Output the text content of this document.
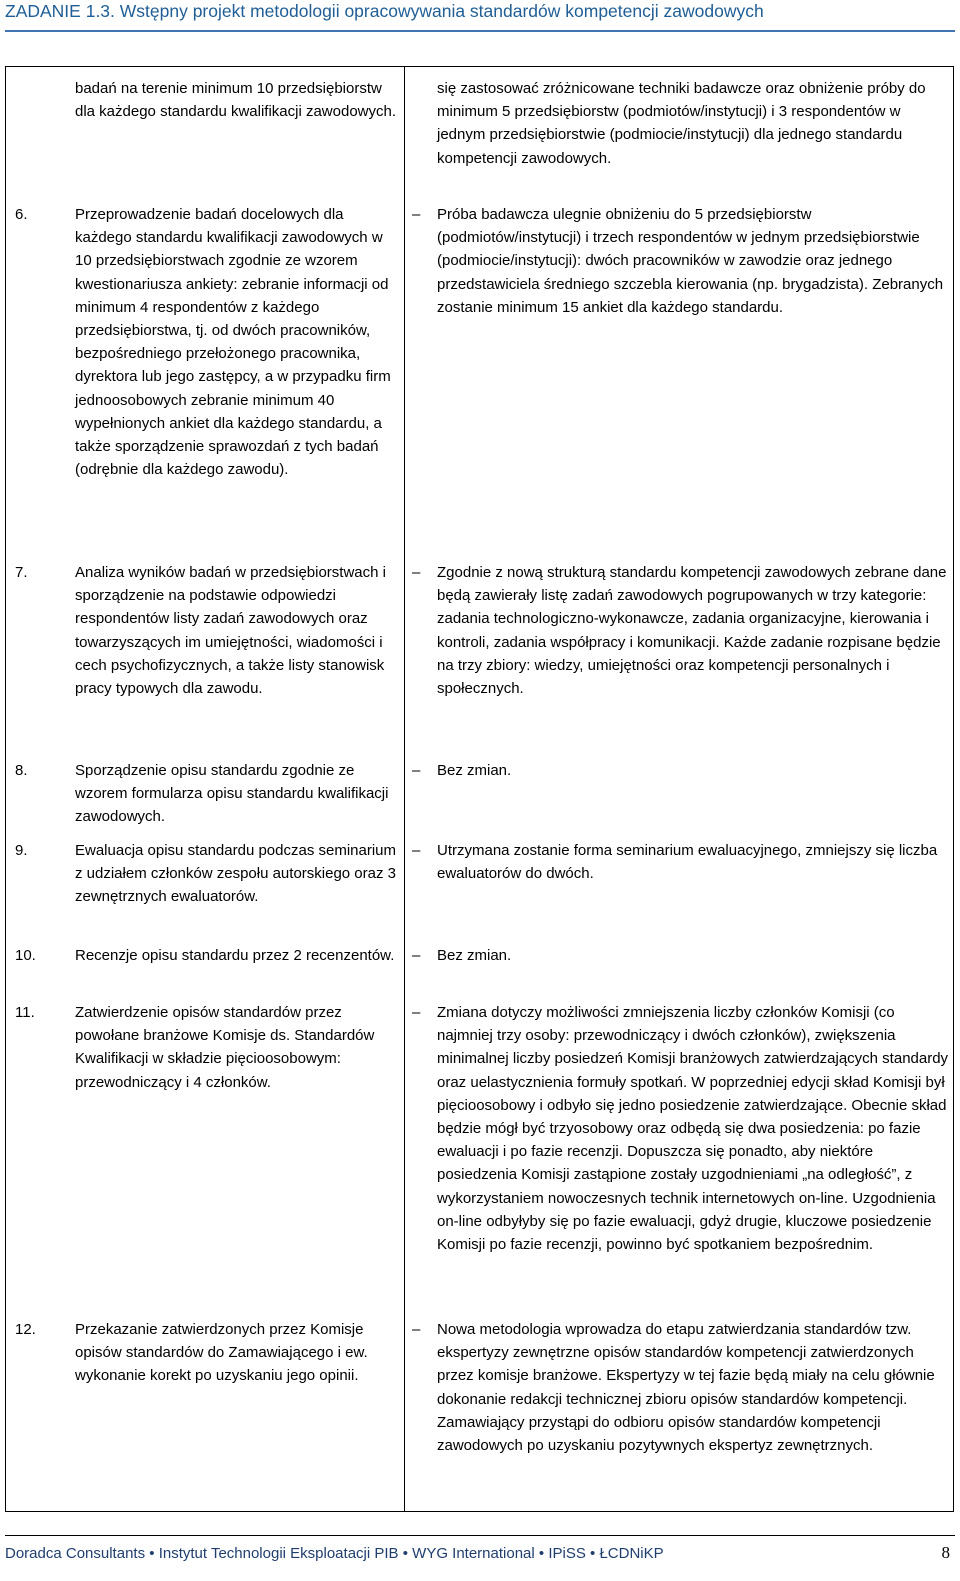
ZADANIE 1.3. Wstępny projekt metodologii opracowywania standardów kompetencji zawodowych
badań na terenie minimum 10 przedsiębiorstw dla każdego standardu kwalifikacji zawodowych.
się zastosować zróżnicowane techniki badawcze oraz obniżenie próby do minimum 5 przedsiębiorstw (podmiotów/instytucji) i 3 respondentów w jednym przedsiębiorstwie (podmiocie/instytucji) dla jednego standardu kompetencji zawodowych.
6.	Przeprowadzenie badań docelowych dla każdego standardu kwalifikacji zawodowych w 10 przedsiębiorstwach zgodnie ze wzorem kwestionariusza ankiety: zebranie informacji od minimum 4 respondentów z każdego przedsiębiorstwa, tj. od dwóch pracowników, bezpośredniego przełożonego pracownika, dyrektora lub jego zastępcy, a w przypadku firm jednoosobowych zebranie minimum 40 wypełnionych ankiet dla każdego standardu, a także sporządzenie sprawozdań z tych badań (odrębnie dla każdego zawodu).
– Próba badawcza ulegnie obniżeniu do 5 przedsiębiorstw (podmiotów/instytucji) i trzech respondentów w jednym przedsiębiorstwie (podmiocie/instytucji): dwóch pracowników w zawodzie oraz jednego przedstawiciela średniego szczebla kierowania (np. brygadzista). Zebranych zostanie minimum 15 ankiet dla każdego standardu.
7.	Analiza wyników badań w przedsiębiorstwach i sporządzenie na podstawie odpowiedzi respondentów listy zadań zawodowych oraz towarzyszących im umiejętności, wiadomości i cech psychofizycznych, a także listy stanowisk pracy typowych dla zawodu.
– Zgodnie z nową strukturą standardu kompetencji zawodowych zebrane dane będą zawierały listę zadań zawodowych pogrupowanych w trzy kategorie: zadania technologiczno-wykonawcze, zadania organizacyjne, kierowania i kontroli, zadania współpracy i komunikacji. Każde zadanie rozpisane będzie na trzy zbiory: wiedzy, umiejętności oraz kompetencji personalnych i społecznych.
8.	Sporządzenie opisu standardu zgodnie ze wzorem formularza opisu standardu kwalifikacji zawodowych.
– Bez zmian.
9.	Ewaluacja opisu standardu podczas seminarium z udziałem członków zespołu autorskiego oraz 3 zewnętrznych ewaluatorów.
– Utrzymana zostanie forma seminarium ewaluacyjnego, zmniejszy się liczba ewaluatorów do dwóch.
10.	Recenzje opisu standardu przez 2 recenzentów.	– Bez zmian.
11.	Zatwierdzenie opisów standardów przez powołane branżowe Komisje ds. Standardów Kwalifikacji w składzie pięcioosobowym: przewodniczący i 4 członków.
– Zmiana dotyczy możliwości zmniejszenia liczby członków Komisji (co najmniej trzy osoby: przewodniczący i dwóch członków), zwiększenia minimalnej liczby posiedzeń Komisji branżowych zatwierdzających standardy oraz uelastycznienia formuły spotkań. W poprzedniej edycji skład Komisji był pięcioosobowy i odbyło się jedno posiedzenie zatwierdzające. Obecnie skład będzie mógł być trzyosobowy oraz odbędą się dwa posiedzenia: po fazie ewaluacji i po fazie recenzji. Dopuszcza się ponadto, aby niektóre posiedzenia Komisji zastąpione zostały uzgodnieniami „na odległość”, z wykorzystaniem nowoczesnych technik internetowych on-line. Uzgodnienia on-line odbyłyby się po fazie ewaluacji, gdyż drugie, kluczowe posiedzenie Komisji po fazie recenzji, powinno być spotkaniem bezpośrednim.
12.	Przekazanie zatwierdzonych przez Komisje opisów standardów do Zamawiającego i ew. wykonanie korekt po uzyskaniu jego opinii.
– Nowa metodologia wprowadza do etapu zatwierdzania standardów tzw. ekspertyzy zewnętrzne opisów standardów kompetencji zatwierdzonych przez komisje branżowe. Ekspertyzy w tej fazie będą miały na celu głównie dokonanie redakcji technicznej zbioru opisów standardów kompetencji. Zamawiający przystąpi do odbioru opisów standardów kompetencji zawodowych po uzyskaniu pozytywnych ekspertyz zewnętrznych.
Doradca Consultants • Instytut Technologii Eksploatacji PIB • WYG International • IPiSS • ŁCDNiKP	8
